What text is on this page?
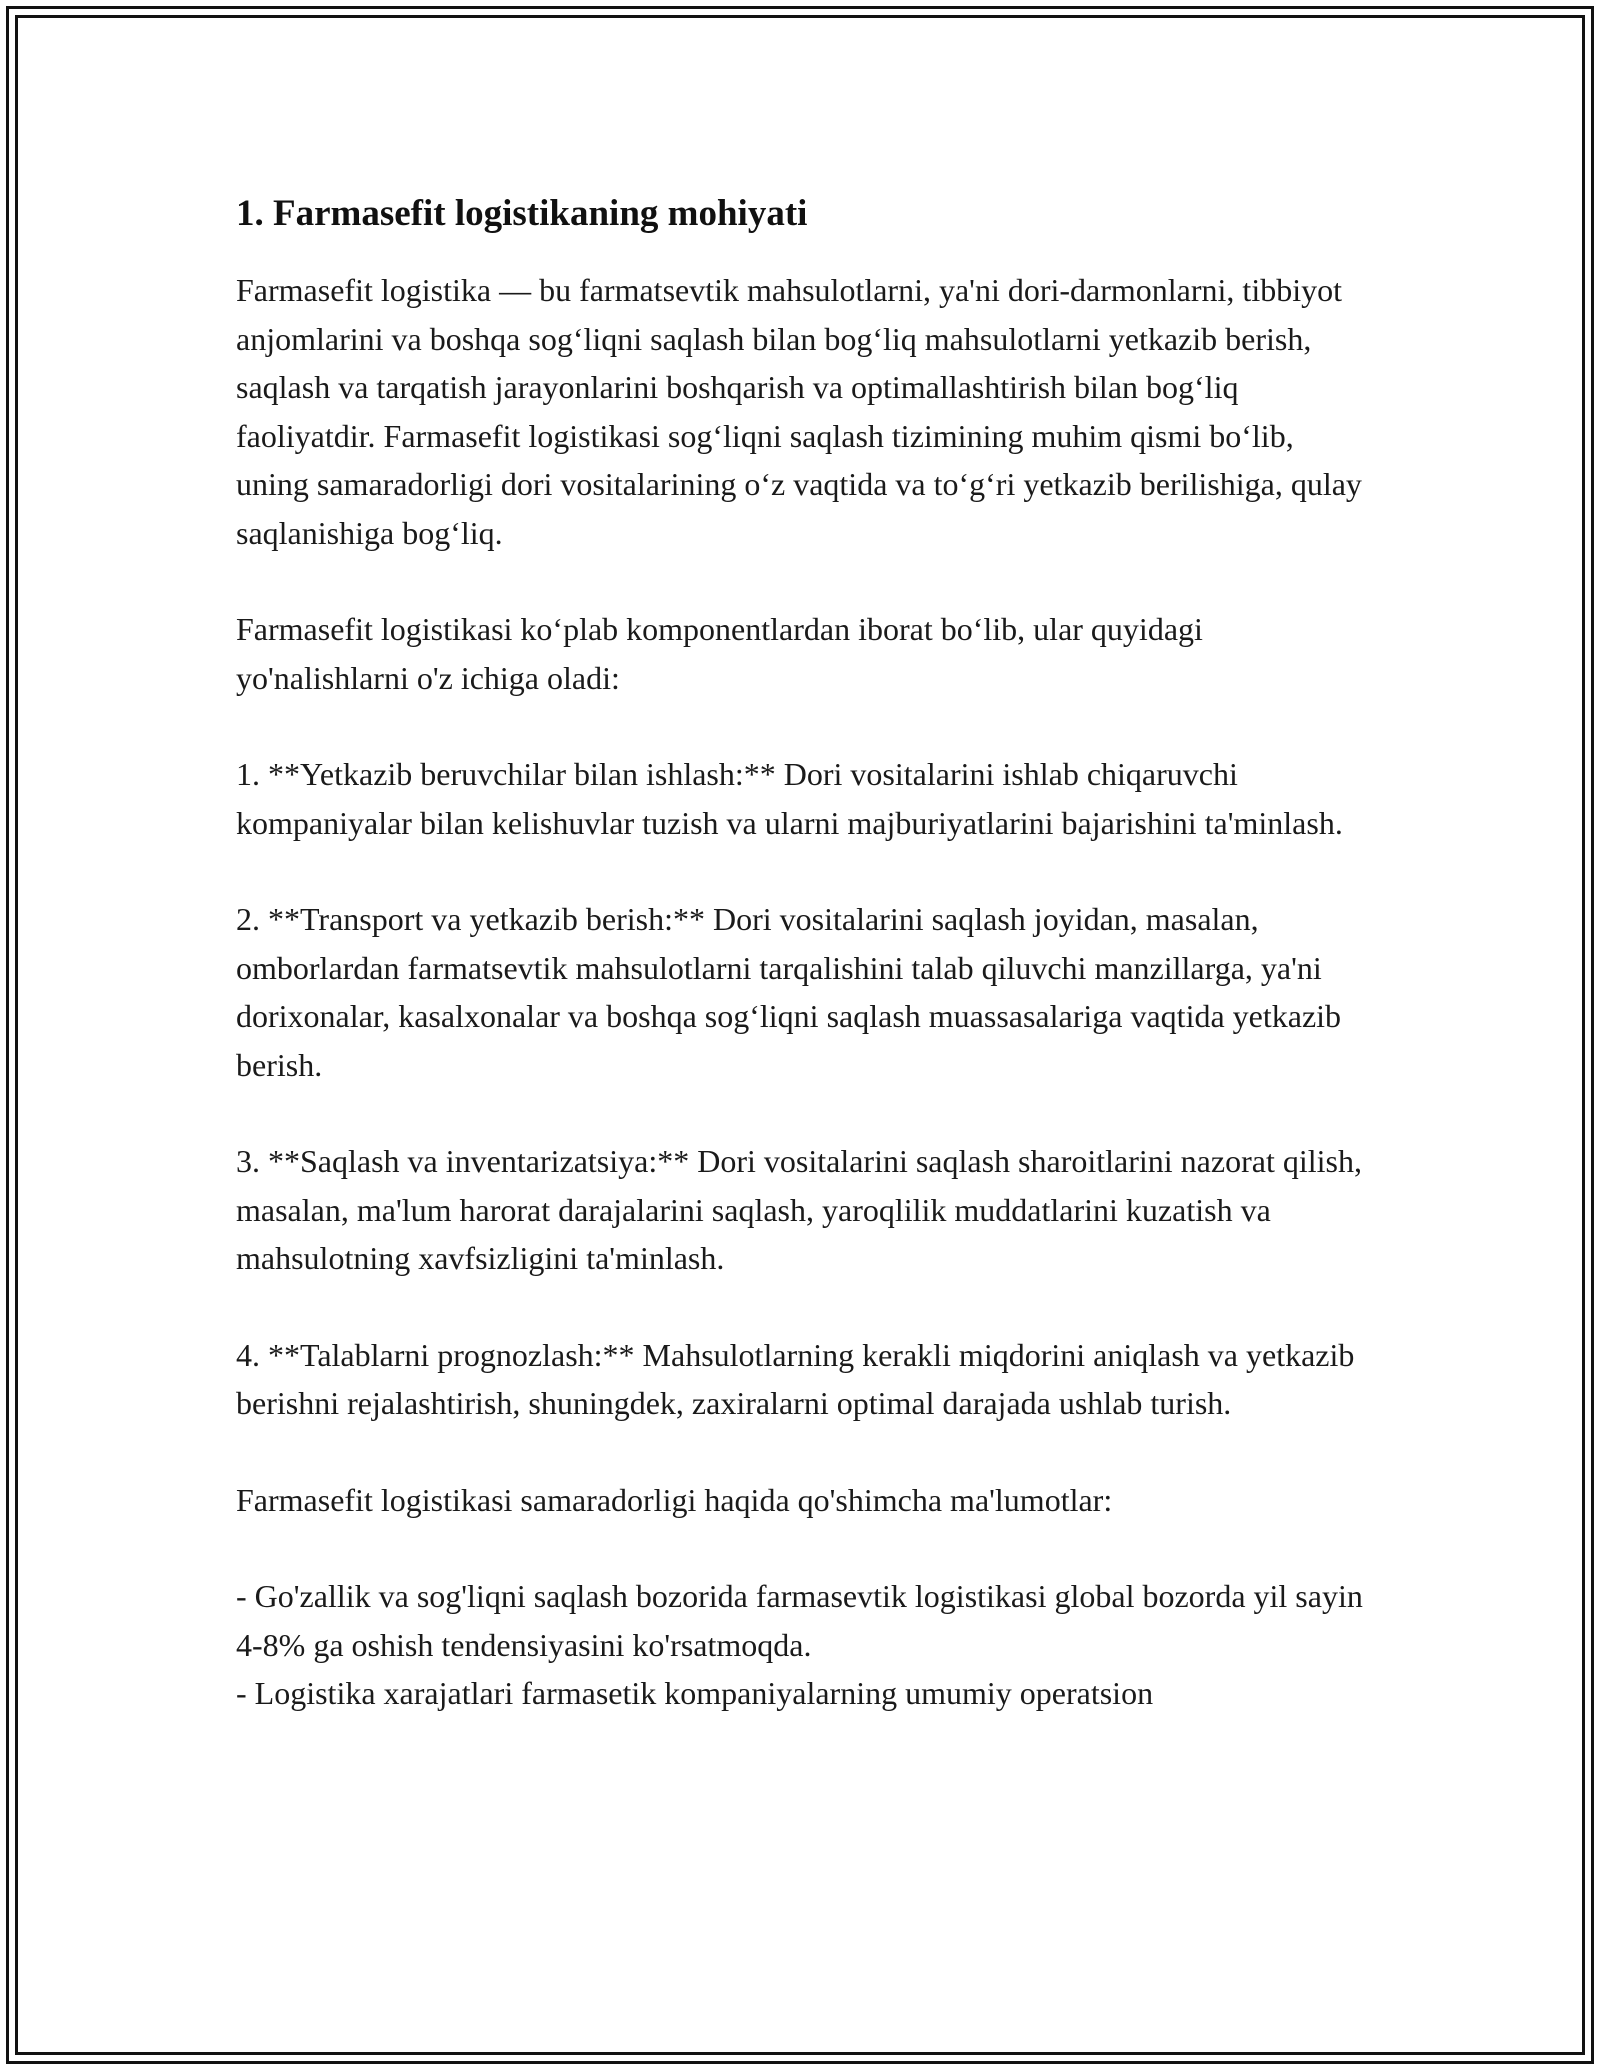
1. Farmasefit logistikaning mohiyati

Farmasefit logistika — bu farmatsevtik mahsulotlarni, ya'ni dori-darmonlarni, tibbiyot anjomlarini va boshqa sog‘liqni saqlash bilan bog‘liq mahsulotlarni yetkazib berish, saqlash va tarqatish jarayonlarini boshqarish va optimallashtirish bilan bog‘liq faoliyatdir. Farmasefit logistikasi sog‘liqni saqlash tizimining muhim qismi bo‘lib, uning samaradorligi dori vositalarining o‘z vaqtida va to‘g‘ri yetkazib berilishiga, qulay saqlanishiga bog‘liq.

Farmasefit logistikasi ko‘plab komponentlardan iborat bo‘lib, ular quyidagi yo'nalishlarni o'z ichiga oladi:

1. **Yetkazib beruvchilar bilan ishlash:** Dori vositalarini ishlab chiqaruvchi kompaniyalar bilan kelishuvlar tuzish va ularni majburiyatlarini bajarishini ta'minlash.

2. **Transport va yetkazib berish:** Dori vositalarini saqlash joyidan, masalan, omborlardan farmatsevtik mahsulotlarni tarqalishini talab qiluvchi manzillarga, ya'ni dorixonalar, kasalxonalar va boshqa sog‘liqni saqlash muassasalariga vaqtida yetkazib berish.

3. **Saqlash va inventarizatsiya:** Dori vositalarini saqlash sharoitlarini nazorat qilish, masalan, ma'lum harorat darajalarini saqlash, yaroqlilik muddatlarini kuzatish va mahsulotning xavfsizligini ta'minlash.

4. **Talablarni prognozlash:** Mahsulotlarning kerakli miqdorini aniqlash va yetkazib berishni rejalashtirish, shuningdek, zaxiralarni optimal darajada ushlab turish.

Farmasefit logistikasi samaradorligi haqida qo'shimcha ma'lumotlar:

- Go'zallik va sog'liqni saqlash bozorida farmasevtik logistikasi global bozorda yil sayin 4-8% ga oshish tendensiyasini ko'rsatmoqda.

- Logistika xarajatlari farmasetik kompaniyalarning umumiy operatsion
